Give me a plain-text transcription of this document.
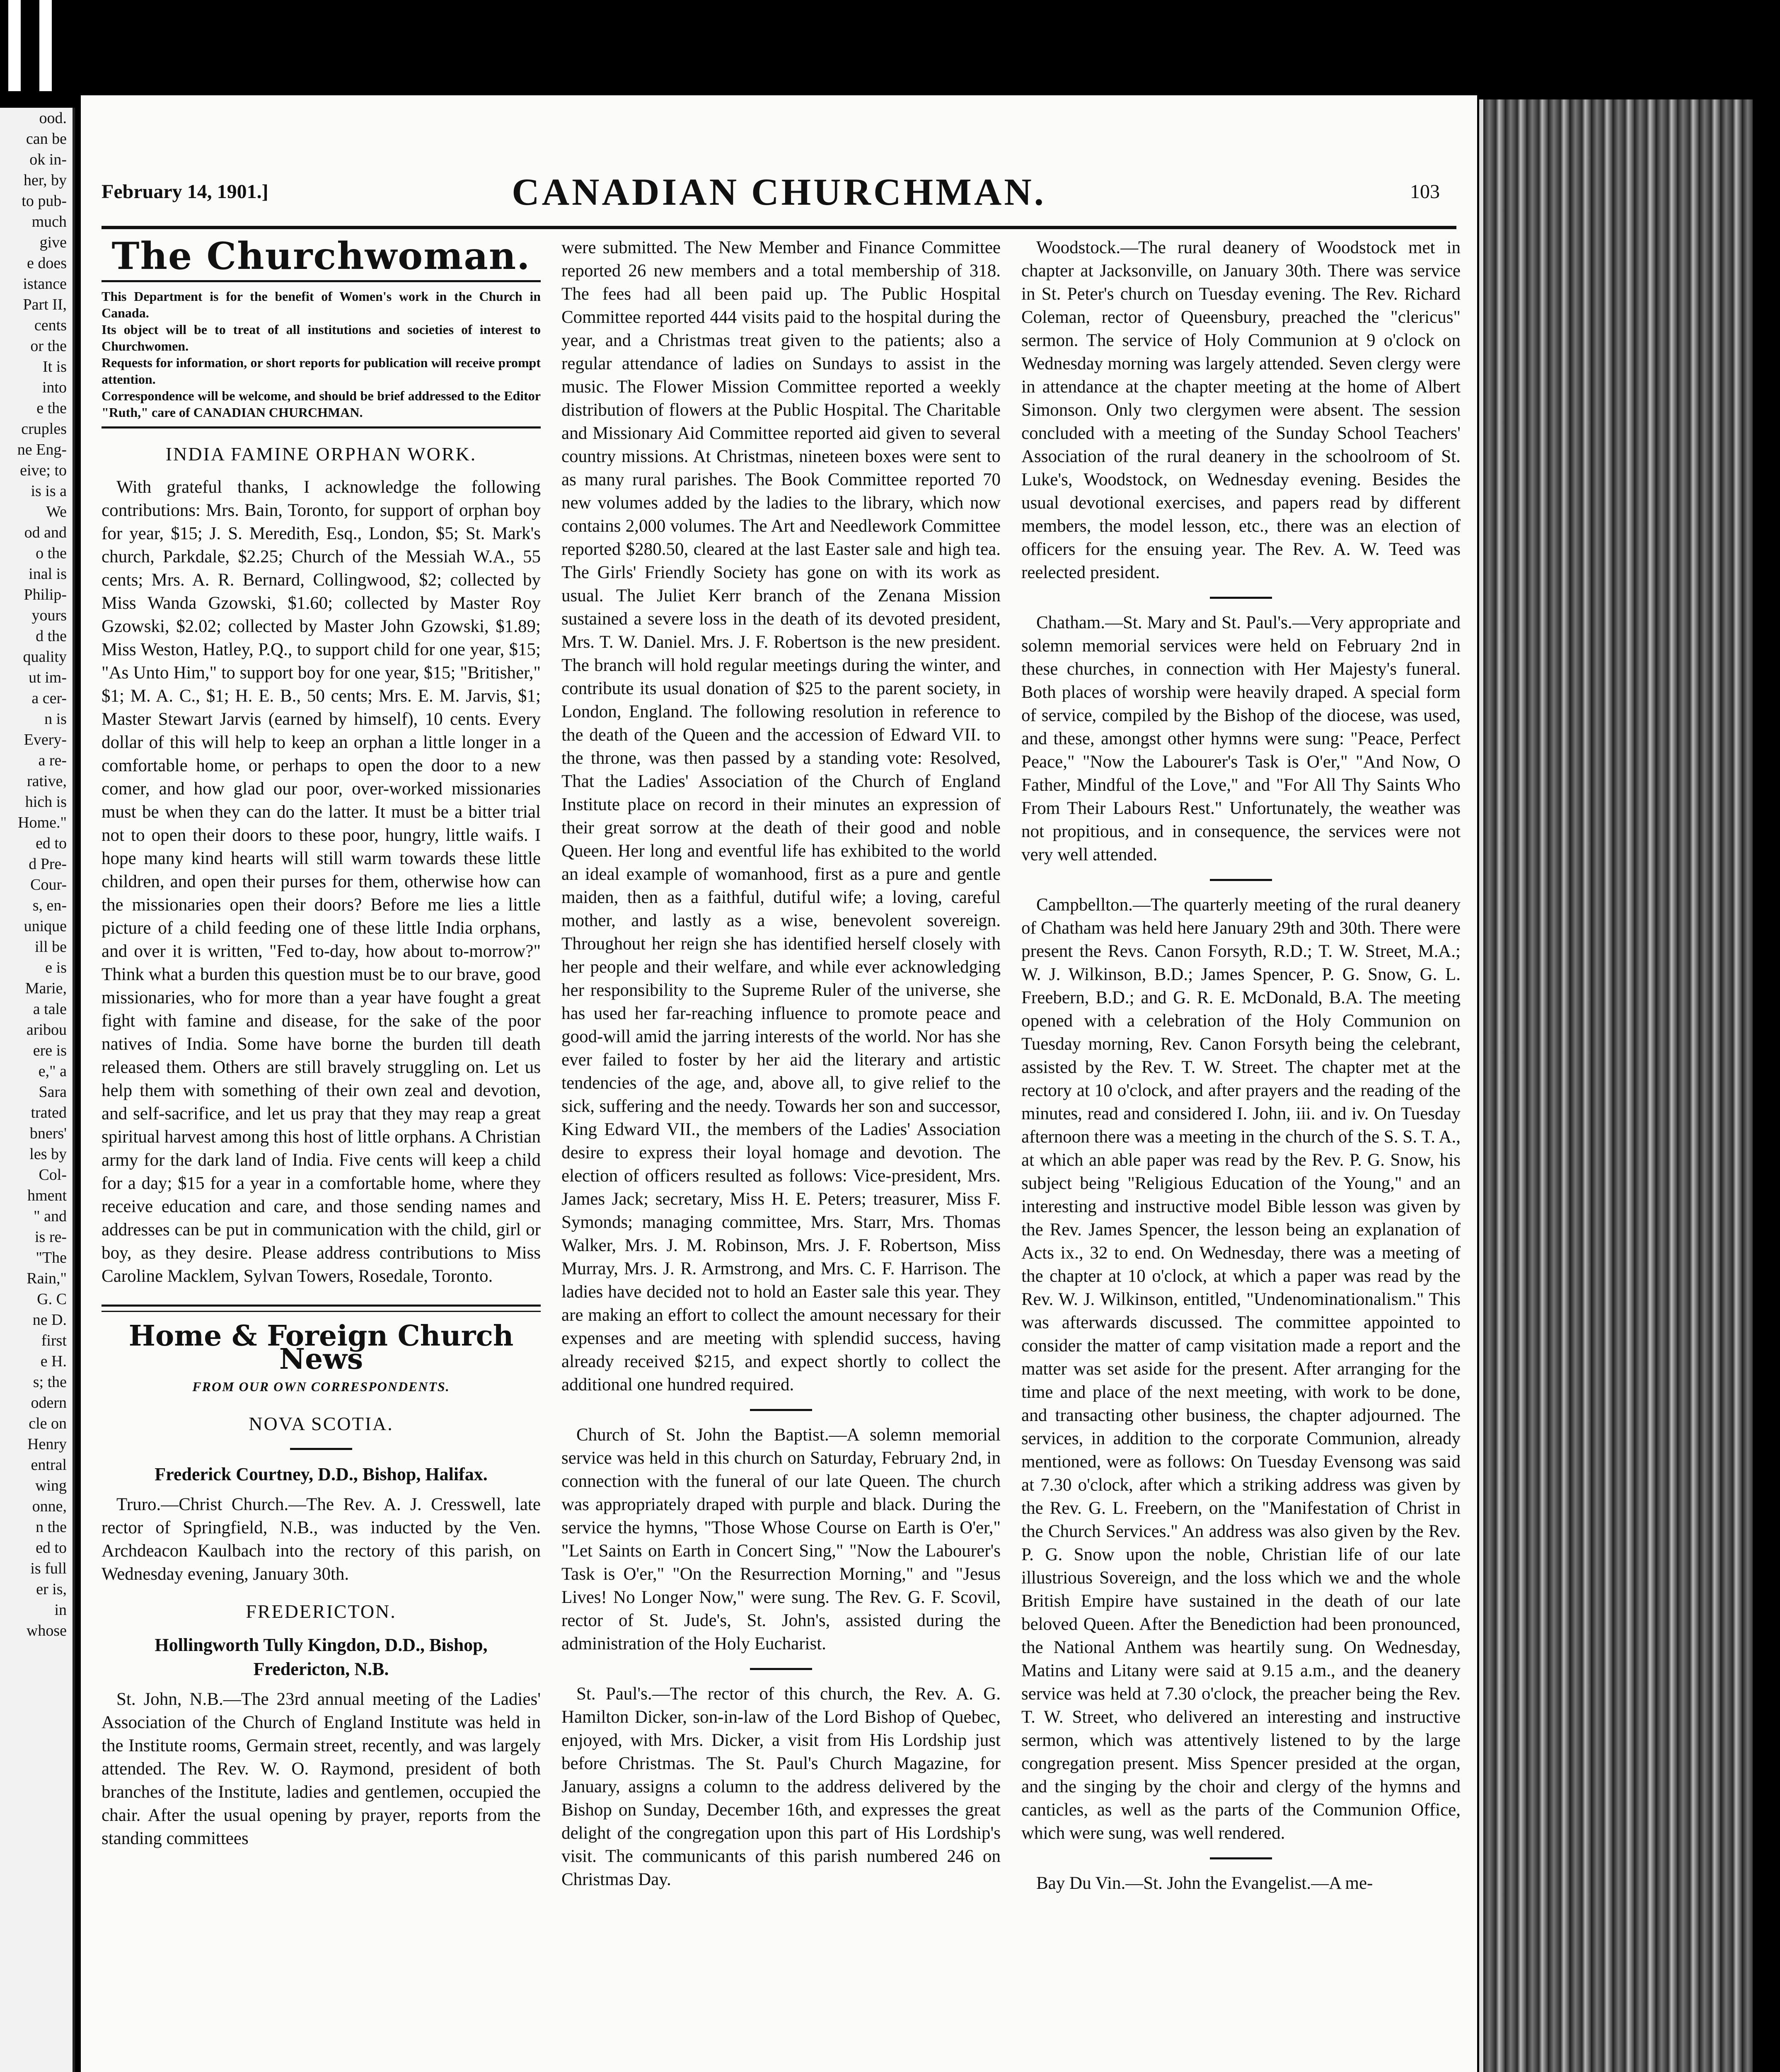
ood.
can be
ok in-
her, by
to pub-
much
give
e does
istance
Part II,
cents
or the
It is
into
e the
cruples
ne Eng-
eive; to
is is a
We
od and
o the
inal is
Philip-
yours
d the
quality
ut im-
a cer-
n is
Every-
a re-
rative,
hich is
Home."
ed to
d Pre-
Cour-
s, en-
unique
ill be
e is
Marie,
a tale
aribou
ere is
e," a
Sara
trated
bners'
les by
Col-
hment
" and
is re-
"The
Rain,"
G. C
ne D.
first
e H.
s; the
odern
cle on
Henry
entral
wing
onne,
n the
ed to
is full
er is,
in
whose
February 14, 1901.]	CANADIAN CHURCHMAN.	103
The Churchwoman.
This Department is for the benefit of Women's work in the Church in Canada.
Its object will be to treat of all institutions and societies of interest to Churchwomen.
Requests for information, or short reports for publication will receive prompt attention.
Correspondence will be welcome, and should be brief addressed to the Editor "Ruth," care of CANADIAN CHURCHMAN.
INDIA FAMINE ORPHAN WORK.

With grateful thanks, I acknowledge the following contributions: Mrs. Bain, Toronto, for support of orphan boy for year, $15; J. S. Meredith, Esq., London, $5; St. Mark's church, Parkdale, $2.25; Church of the Messiah W.A., 55 cents; Mrs. A. R. Bernard, Collingwood, $2; collected by Miss Wanda Gzowski, $1.60; collected by Master Roy Gzowski, $2.02; collected by Master John Gzowski, $1.89; Miss Weston, Hatley, P.Q., to support child for one year, $15; "As Unto Him," to support boy for one year, $15; "Britisher," $1; M. A. C., $1; H. E. B., 50 cents; Mrs. E. M. Jarvis, $1; Master Stewart Jarvis (earned by himself), 10 cents. Every dollar of this will help to keep an orphan a little longer in a comfortable home, or perhaps to open the door to a new comer, and how glad our poor, over-worked missionaries must be when they can do the latter. It must be a bitter trial not to open their doors to these poor, hungry, little waifs. I hope many kind hearts will still warm towards these little children, and open their purses for them, otherwise how can the missionaries open their doors? Before me lies a little picture of a child feeding one of these little India orphans, and over it is written, "Fed to-day, how about to-morrow?" Think what a burden this question must be to our brave, good missionaries, who for more than a year have fought a great fight with famine and disease, for the sake of the poor natives of India. Some have borne the burden till death released them. Others are still bravely struggling on. Let us help them with something of their own zeal and devotion, and self-sacrifice, and let us pray that they may reap a great spiritual harvest among this host of little orphans. A Christian army for the dark land of India. Five cents will keep a child for a day; $15 for a year in a comfortable home, where they receive education and care, and those sending names and addresses can be put in communication with the child, girl or boy, as they desire. Please address contributions to Miss Caroline Macklem, Sylvan Towers, Rosedale, Toronto.

Home & Foreign Church News
FROM OUR OWN CORRESPONDENTS.
NOVA SCOTIA.
Frederick Courtney, D.D., Bishop, Halifax.

Truro.—Christ Church.—The Rev. A. J. Cresswell, late rector of Springfield, N.B., was inducted by the Ven. Archdeacon Kaulbach into the rectory of this parish, on Wednesday evening, January 30th.

FREDERICTON.
Hollingworth Tully Kingdon, D.D., Bishop,
Fredericton, N.B.

St. John, N.B.—The 23rd annual meeting of the Ladies' Association of the Church of England Institute was held in the Institute rooms, Germain street, recently, and was largely attended. The Rev. W. O. Raymond, president of both branches of the Institute, ladies and gentlemen, occupied the chair. After the usual opening by prayer, reports from the standing committees

were submitted. The New Member and Finance Committee reported 26 new members and a total membership of 318. The fees had all been paid up. The Public Hospital Committee reported 444 visits paid to the hospital during the year, and a Christmas treat given to the patients; also a regular attendance of ladies on Sundays to assist in the music. The Flower Mission Committee reported a weekly distribution of flowers at the Public Hospital. The Charitable and Missionary Aid Committee reported aid given to several country missions. At Christmas, nineteen boxes were sent to as many rural parishes. The Book Committee reported 70 new volumes added by the ladies to the library, which now contains 2,000 volumes. The Art and Needlework Committee reported $280.50, cleared at the last Easter sale and high tea. The Girls' Friendly Society has gone on with its work as usual. The Juliet Kerr branch of the Zenana Mission sustained a severe loss in the death of its devoted president, Mrs. T. W. Daniel. Mrs. J. F. Robertson is the new president. The branch will hold regular meetings during the winter, and contribute its usual donation of $25 to the parent society, in London, England. The following resolution in reference to the death of the Queen and the accession of Edward VII. to the throne, was then passed by a standing vote: Resolved, That the Ladies' Association of the Church of England Institute place on record in their minutes an expression of their great sorrow at the death of their good and noble Queen. Her long and eventful life has exhibited to the world an ideal example of womanhood, first as a pure and gentle maiden, then as a faithful, dutiful wife; a loving, careful mother, and lastly as a wise, benevolent sovereign. Throughout her reign she has identified herself closely with her people and their welfare, and while ever acknowledging her responsibility to the Supreme Ruler of the universe, she has used her far-reaching influence to promote peace and good-will amid the jarring interests of the world. Nor has she ever failed to foster by her aid the literary and artistic tendencies of the age, and, above all, to give relief to the sick, suffering and the needy. Towards her son and successor, King Edward VII., the members of the Ladies' Association desire to express their loyal homage and devotion. The election of officers resulted as follows: Vice-president, Mrs. James Jack; secretary, Miss H. E. Peters; treasurer, Miss F. Symonds; managing committee, Mrs. Starr, Mrs. Thomas Walker, Mrs. J. M. Robinson, Mrs. J. F. Robertson, Miss Murray, Mrs. J. R. Armstrong, and Mrs. C. F. Harrison. The ladies have decided not to hold an Easter sale this year. They are making an effort to collect the amount necessary for their expenses and are meeting with splendid success, having already received $215, and expect shortly to collect the additional one hundred required.

Church of St. John the Baptist.—A solemn memorial service was held in this church on Saturday, February 2nd, in connection with the funeral of our late Queen. The church was appropriately draped with purple and black. During the service the hymns, "Those Whose Course on Earth is O'er," "Let Saints on Earth in Concert Sing," "Now the Labourer's Task is O'er," "On the Resurrection Morning," and "Jesus Lives! No Longer Now," were sung. The Rev. G. F. Scovil, rector of St. Jude's, St. John's, assisted during the administration of the Holy Eucharist.

St. Paul's.—The rector of this church, the Rev. A. G. Hamilton Dicker, son-in-law of the Lord Bishop of Quebec, enjoyed, with Mrs. Dicker, a visit from His Lordship just before Christmas. The St. Paul's Church Magazine, for January, assigns a column to the address delivered by the Bishop on Sunday, December 16th, and expresses the great delight of the congregation upon this part of His Lordship's visit. The communicants of this parish numbered 246 on Christmas Day.

Woodstock.—The rural deanery of Woodstock met in chapter at Jacksonville, on January 30th. There was service in St. Peter's church on Tuesday evening. The Rev. Richard Coleman, rector of Queensbury, preached the "clericus" sermon. The service of Holy Communion at 9 o'clock on Wednesday morning was largely attended. Seven clergy were in attendance at the chapter meeting at the home of Albert Simonson. Only two clergymen were absent. The session concluded with a meeting of the Sunday School Teachers' Association of the rural deanery in the schoolroom of St. Luke's, Woodstock, on Wednesday evening. Besides the usual devotional exercises, and papers read by different members, the model lesson, etc., there was an election of officers for the ensuing year. The Rev. A. W. Teed was reelected president.

Chatham.—St. Mary and St. Paul's.—Very appropriate and solemn memorial services were held on February 2nd in these churches, in connection with Her Majesty's funeral. Both places of worship were heavily draped. A special form of service, compiled by the Bishop of the diocese, was used, and these, amongst other hymns were sung: "Peace, Perfect Peace," "Now the Labourer's Task is O'er," "And Now, O Father, Mindful of the Love," and "For All Thy Saints Who From Their Labours Rest." Unfortunately, the weather was not propitious, and in consequence, the services were not very well attended.

Campbellton.—The quarterly meeting of the rural deanery of Chatham was held here January 29th and 30th. There were present the Revs. Canon Forsyth, R.D.; T. W. Street, M.A.; W. J. Wilkinson, B.D.; James Spencer, P. G. Snow, G. L. Freebern, B.D.; and G. R. E. McDonald, B.A. The meeting opened with a celebration of the Holy Communion on Tuesday morning, Rev. Canon Forsyth being the celebrant, assisted by the Rev. T. W. Street. The chapter met at the rectory at 10 o'clock, and after prayers and the reading of the minutes, read and considered I. John, iii. and iv. On Tuesday afternoon there was a meeting in the church of the S. S. T. A., at which an able paper was read by the Rev. P. G. Snow, his subject being "Religious Education of the Young," and an interesting and instructive model Bible lesson was given by the Rev. James Spencer, the lesson being an explanation of Acts ix., 32 to end. On Wednesday, there was a meeting of the chapter at 10 o'clock, at which a paper was read by the Rev. W. J. Wilkinson, entitled, "Undenominationalism." This was afterwards discussed. The committee appointed to consider the matter of camp visitation made a report and the matter was set aside for the present. After arranging for the time and place of the next meeting, with work to be done, and transacting other business, the chapter adjourned. The services, in addition to the corporate Communion, already mentioned, were as follows: On Tuesday Evensong was said at 7.30 o'clock, after which a striking address was given by the Rev. G. L. Freebern, on the "Manifestation of Christ in the Church Services." An address was also given by the Rev. P. G. Snow upon the noble, Christian life of our late illustrious Sovereign, and the loss which we and the whole British Empire have sustained in the death of our late beloved Queen. After the Benediction had been pronounced, the National Anthem was heartily sung. On Wednesday, Matins and Litany were said at 9.15 a.m., and the deanery service was held at 7.30 o'clock, the preacher being the Rev. T. W. Street, who delivered an interesting and instructive sermon, which was attentively listened to by the large congregation present. Miss Spencer presided at the organ, and the singing by the choir and clergy of the hymns and canticles, as well as the parts of the Communion Office, which were sung, was well rendered.

Bay Du Vin.—St. John the Evangelist.—A me-
